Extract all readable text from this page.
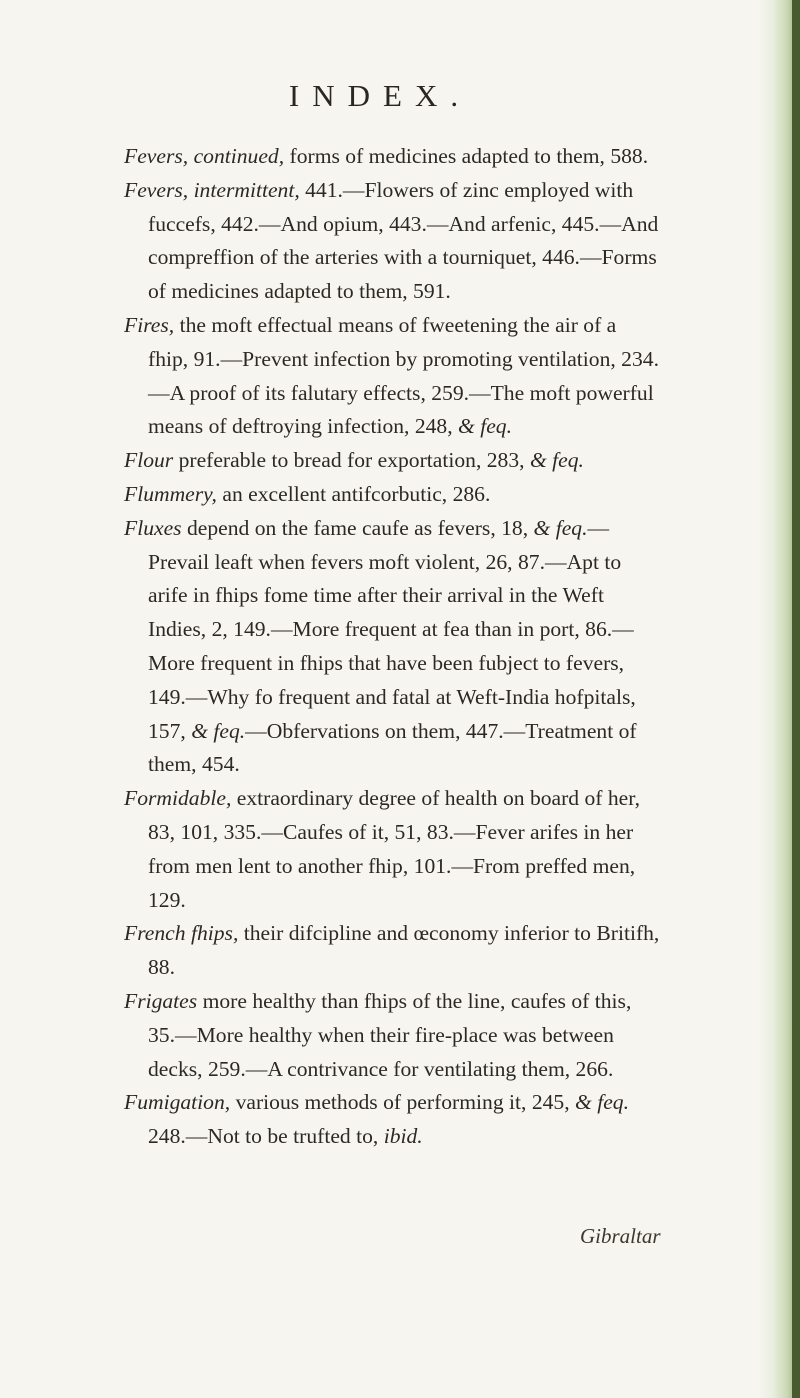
INDEX.

Fevers, continued, forms of medicines adapted to them, 588.

Fevers, intermittent, 441.—Flowers of zinc employed with fuccefs, 442.—And opium, 443.—And arfenic, 445.—And compreffion of the arteries with a tourniquet, 446.—Forms of medicines adapted to them, 591.

Fires, the moft effectual means of fweetening the air of a fhip, 91.—Prevent infection by promoting ventilation, 234.—A proof of its falutary effects, 259.—The moft powerful means of deftroying infection, 248, & feq.

Flour preferable to bread for exportation, 283, & feq.

Flummery, an excellent antifcorbutic, 286.

Fluxes depend on the fame caufe as fevers, 18, & feq.—Prevail leaft when fevers moft violent, 26, 87.—Apt to arife in fhips fome time after their arrival in the Weft Indies, 2, 149.—More frequent at fea than in port, 86.—More frequent in fhips that have been fubject to fevers, 149.—Why fo frequent and fatal at Weft-India hofpitals, 157, & feq.—Obfervations on them, 447.—Treatment of them, 454.

Formidable, extraordinary degree of health on board of her, 83, 101, 335.—Caufes of it, 51, 83.—Fever arifes in her from men lent to another fhip, 101.—From preffed men, 129.

French fhips, their difcipline and œconomy inferior to Britifh, 88.

Frigates more healthy than fhips of the line, caufes of this, 35.—More healthy when their fire-place was between decks, 259.—A contrivance for ventilating them, 266.

Fumigation, various methods of performing it, 245, & feq. 248.—Not to be trufted to, ibid.

Gibraltar
